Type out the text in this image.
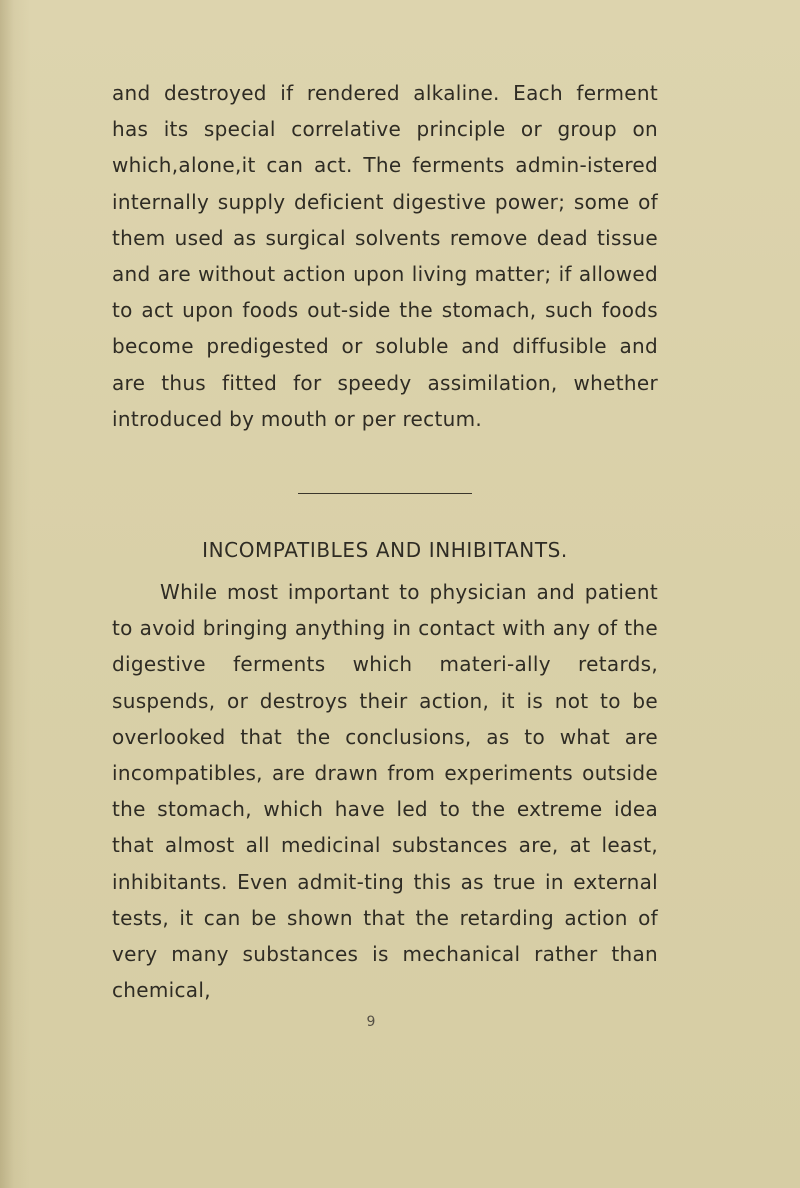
and destroyed if rendered alkaline. Each ferment has its special correlative principle or group on which,alone,it can act. The ferments admin-istered internally supply deficient digestive power; some of them used as surgical solvents remove dead tissue and are without action upon living matter; if allowed to act upon foods out-side the stomach, such foods become predigested or soluble and diffusible and are thus fitted for speedy assimilation, whether introduced by mouth or per rectum.

INCOMPATIBLES AND INHIBITANTS.

While most important to physician and patient to avoid bringing anything in contact with any of the digestive ferments which materi-ally retards, suspends, or destroys their action, it is not to be overlooked that the conclusions, as to what are incompatibles, are drawn from experiments outside the stomach, which have led to the extreme idea that almost all medicinal substances are, at least, inhibitants. Even admit-ting this as true in external tests, it can be shown that the retarding action of very many substances is mechanical rather than chemical,

9
